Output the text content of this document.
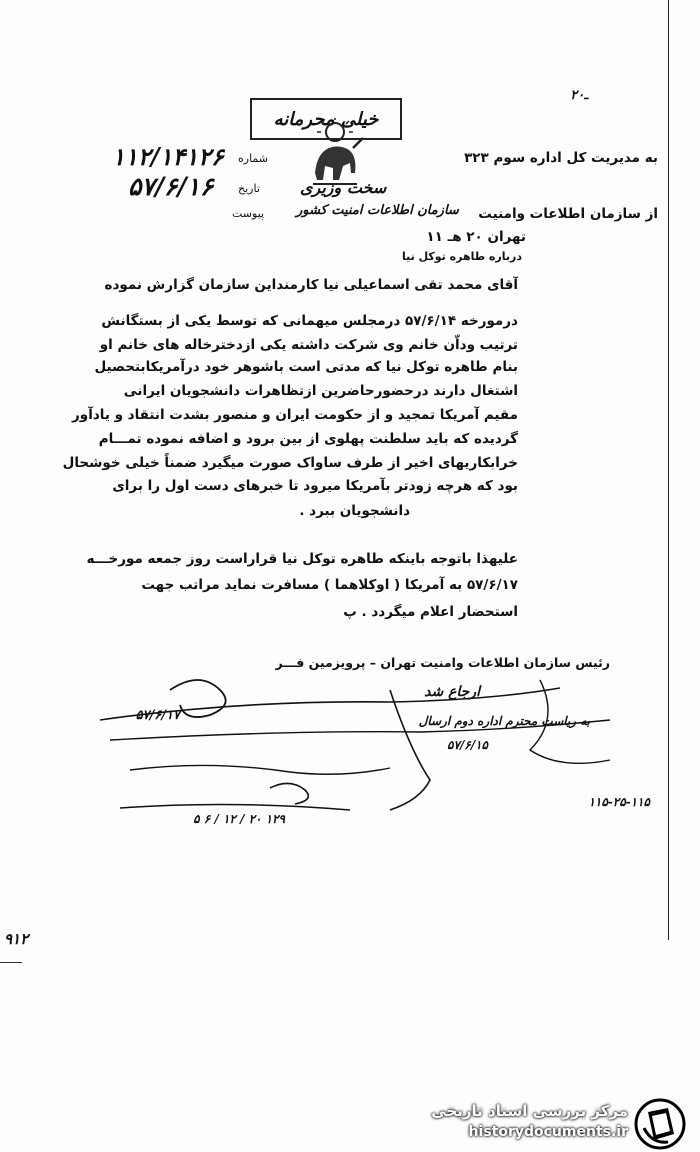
ـ۲۰
خیلی محرمانه
۱۱۲/۱۴۱۲۶ شماره	به مدیریت کل اداره سوم ۳۲۳
۵۷/۶/۱۶ تاریخ	سخت وزیری
پیوست سازمان اطلاعات امنیت کشور از سازمان اطلاعات وامنیت
تهران ۲۰ هـ ۱۱
درباره طاهره توکل نیا
آقای محمد تقی اسماعیلی نیا کارمنداین سازمان گزارش نموده
درمورخه ۵۷/۶/۱۴ درمجلس میهمانی که توسط یکی از بستگانش
ترتیب وداّن خانم وی شرکت داشته یکی ازدخترخاله های خانم او
بنام طاهره توکل نیا که مدتی است باشوهر خود درآمریکابتحصیل
اشتغال دارند درحضورحاضرین ازتظاهرات دانشجویان ایرانی
مقیم آمریکا تمجید و از حکومت ایران و منصور بشدت انتقاد و یادآور
گردیده که باید سلطنت پهلوی از بین برود و اضافه نموده تمـــام
خرابکاریهای اخیر از طرف ساواک صورت میگیرد ضمناً خیلی خوشحال
بود که هرچه زودتر بآمریکا میرود تا خبرهای دست اول را برای
دانشجویان ببرد .
علیهذا باتوجه باینکه طاهره توکل نیا قراراست روز جمعه مورخـــه
۵۷/۶/۱۷ به آمریکا ( اوکلاهما ) مسافرت نماید مراتب جهت
استحضار اعلام میگردد . پ
رئیس سازمان اطلاعات وامنیت تهران – پرویزمین فـــر
ارجاع شد
۵۷/۶/۱۷	به ریاست محترم اداره دوم ارسال
۵۷/۶/۱۵
۱۱۵-۲۵-۱۱۵
۱۲۹ ۲۰ / ۱۲ / ۶ ۵
۹۱۲
مرکز بررسی اسناد تاریخی
historydocuments.ir
